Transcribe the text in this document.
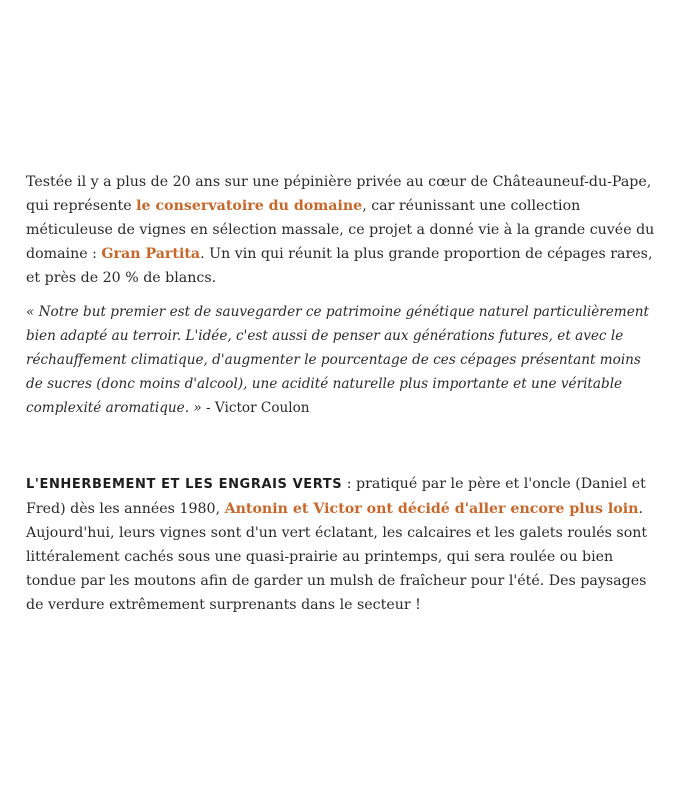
Testée il y a plus de 20 ans sur une pépinière privée au cœur de Châteauneuf-du-Pape, qui représente le conservatoire du domaine, car réunissant une collection méticuleuse de vignes en sélection massale, ce projet a donné vie à la grande cuvée du domaine : Gran Partita. Un vin qui réunit la plus grande proportion de cépages rares, et près de 20 % de blancs.

« Notre but premier est de sauvegarder ce patrimoine génétique naturel particulièrement bien adapté au terroir. L'idée, c'est aussi de penser aux générations futures, et avec le réchauffement climatique, d'augmenter le pourcentage de ces cépages présentant moins de sucres (donc moins d'alcool), une acidité naturelle plus importante et une véritable complexité aromatique. » - Victor Coulon

L'ENHERBEMENT ET LES ENGRAIS VERTS : pratiqué par le père et l'oncle (Daniel et Fred) dès les années 1980, Antonin et Victor ont décidé d'aller encore plus loin. Aujourd'hui, leurs vignes sont d'un vert éclatant, les calcaires et les galets roulés sont littéralement cachés sous une quasi-prairie au printemps, qui sera roulée ou bien tondue par les moutons afin de garder un mulsh de fraîcheur pour l'été. Des paysages de verdure extrêmement surprenants dans le secteur !
